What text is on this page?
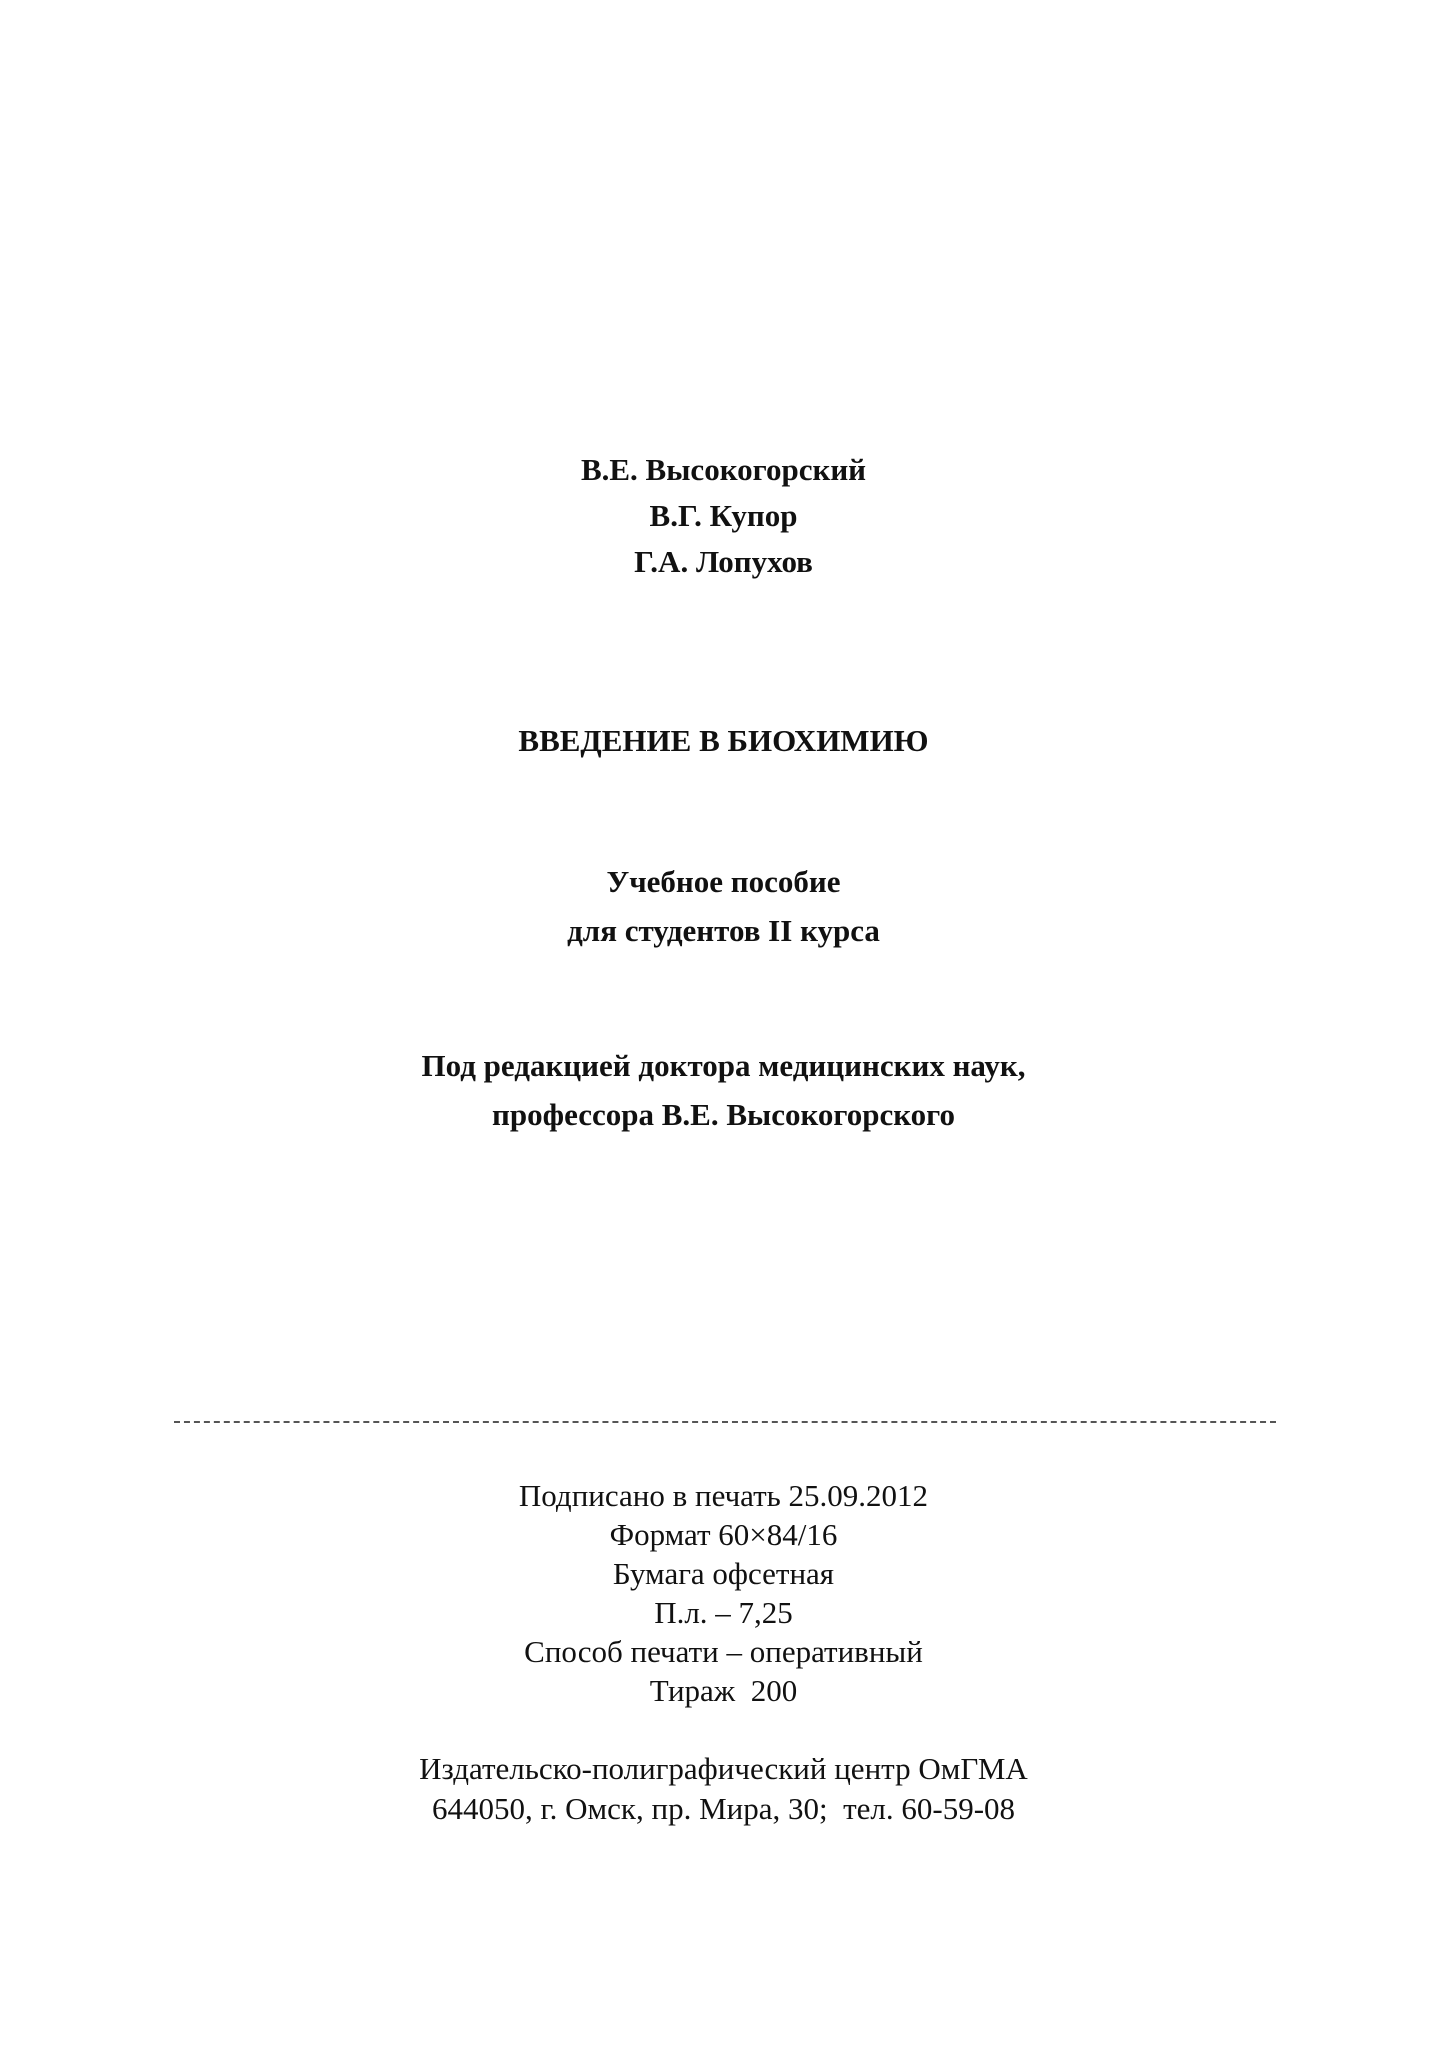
В.Е. Высокогорский
В.Г. Купор
Г.А. Лопухов
ВВЕДЕНИЕ В БИОХИМИЮ
Учебное пособие
для студентов II курса
Под редакцией доктора медицинских наук,
профессора В.Е. Высокогорского
Подписано в печать 25.09.2012
Формат 60×84/16
Бумага офсетная
П.л. – 7,25
Способ печати – оперативный
Тираж  200
Издательско-полиграфический центр ОмГМА
644050, г. Омск, пр. Мира, 30;  тел. 60-59-08
